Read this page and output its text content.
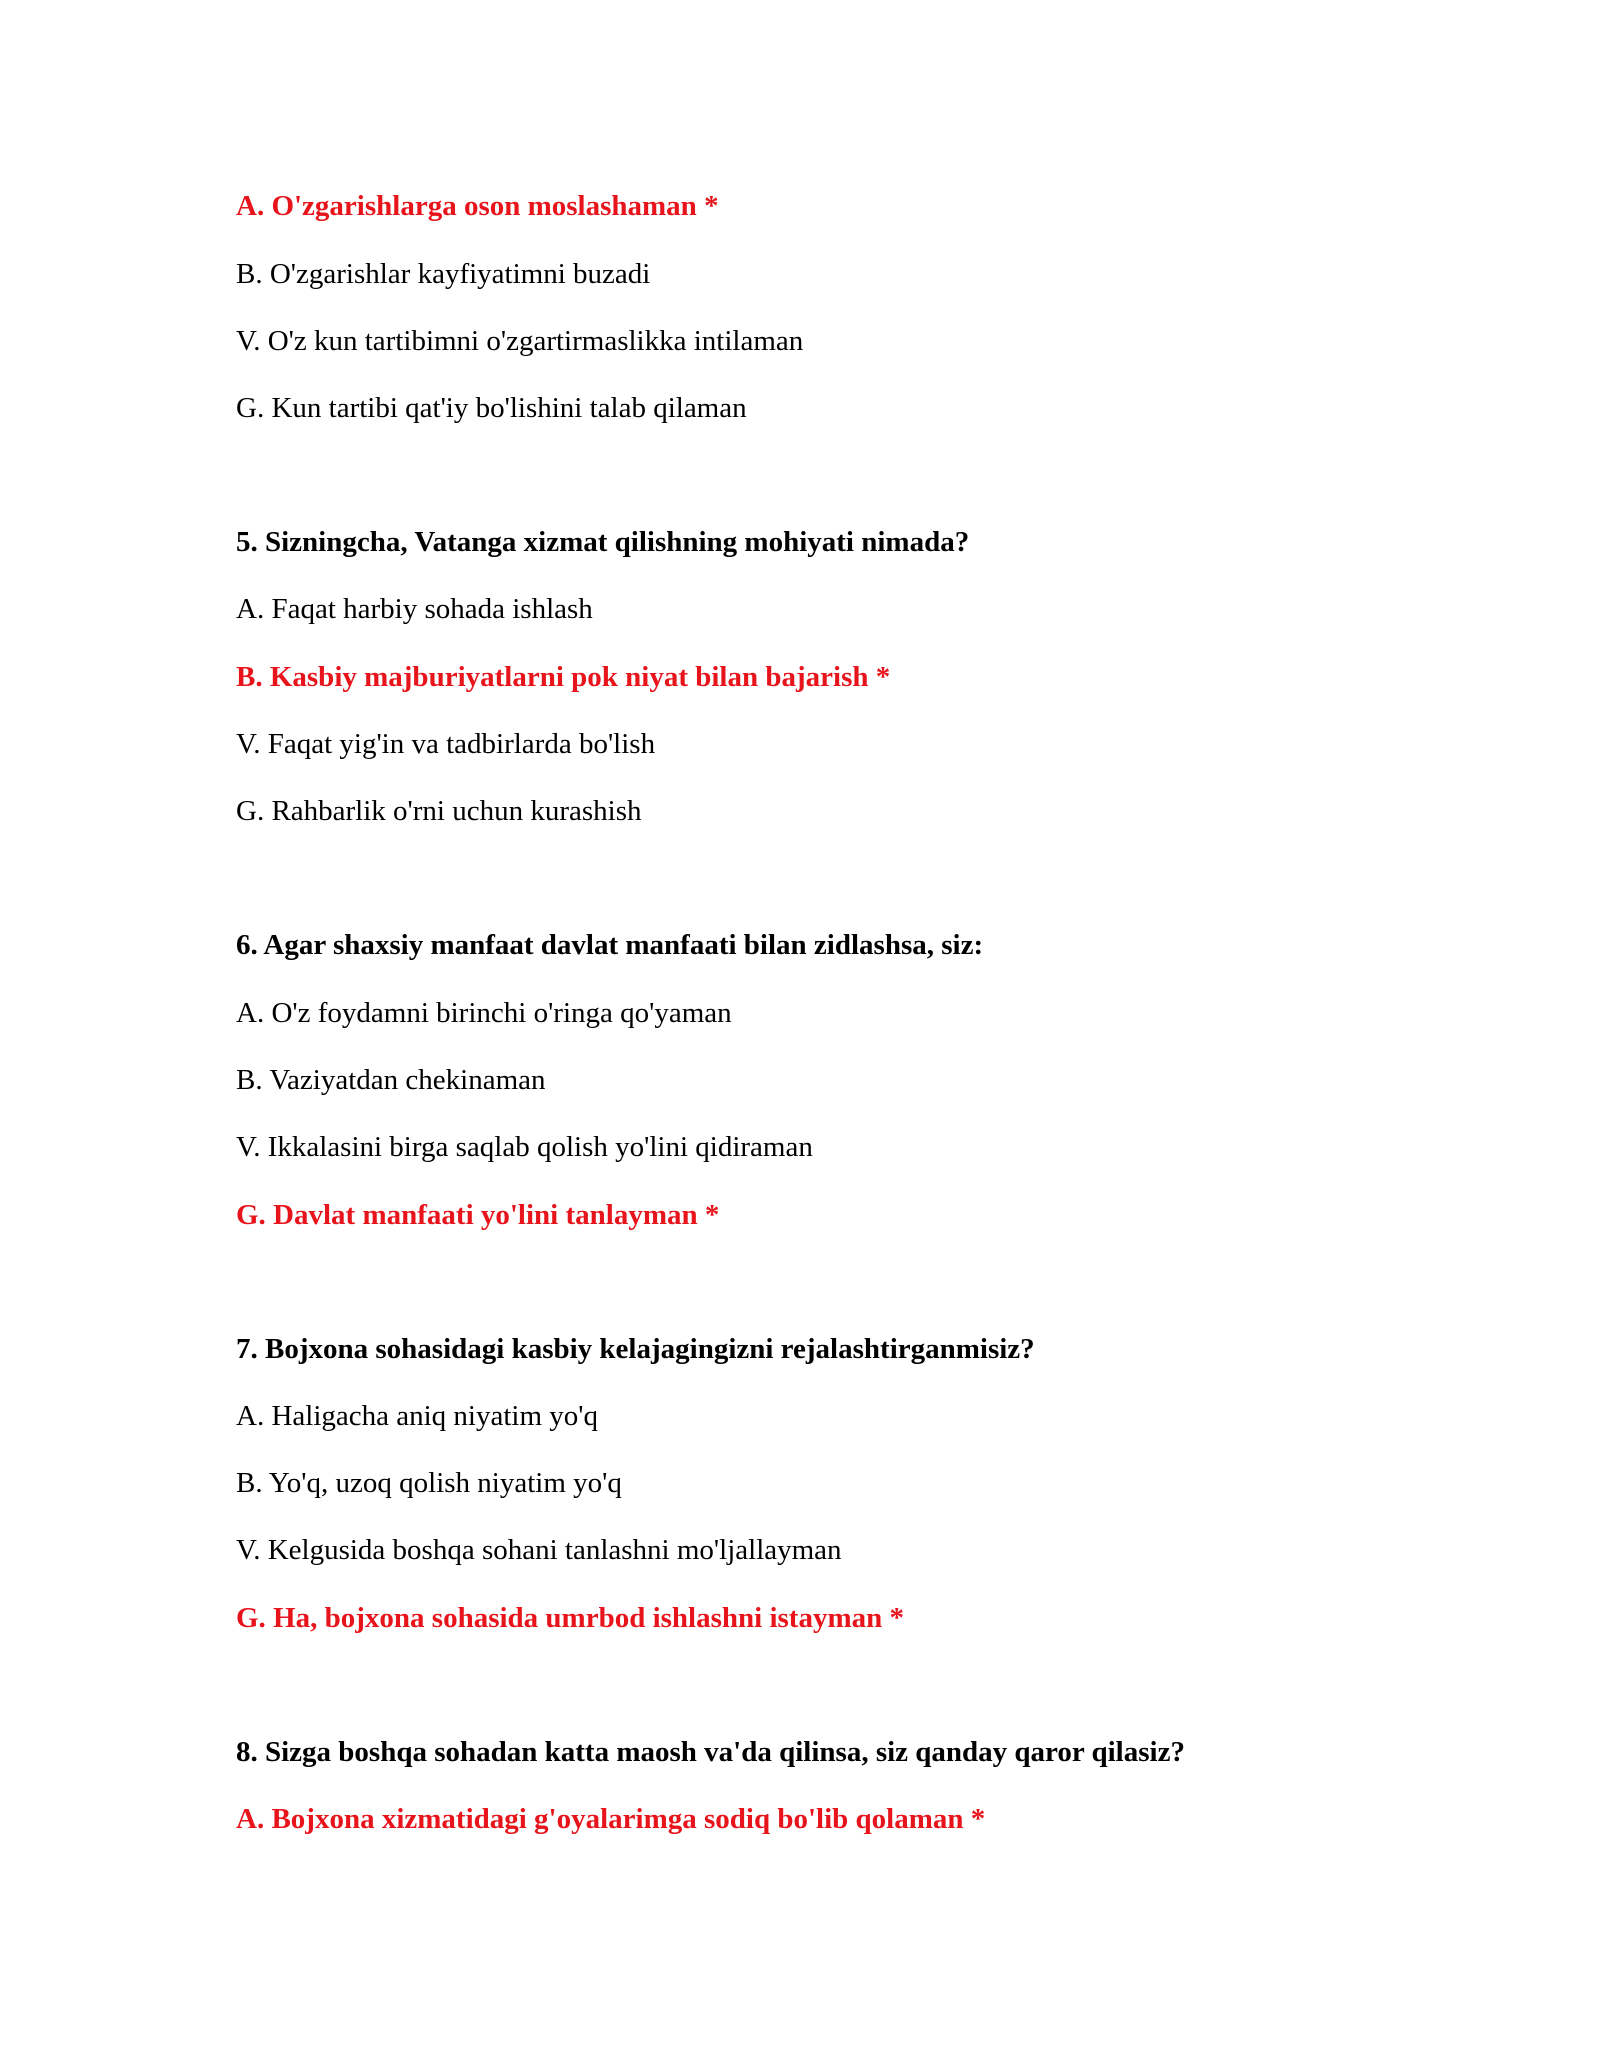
A. O'zgarishlarga oson moslashaman *
B. O'zgarishlar kayfiyatimni buzadi
V. O'z kun tartibimni o'zgartirmaslikka intilaman
G. Kun tartibi qat'iy bo'lishini talab qilaman
5. Sizningcha, Vatanga xizmat qilishning mohiyati nimada?
A. Faqat harbiy sohada ishlash
B. Kasbiy majburiyatlarni pok niyat bilan bajarish *
V. Faqat yig'in va tadbirlarda bo'lish
G. Rahbarlik o'rni uchun kurashish
6. Agar shaxsiy manfaat davlat manfaati bilan zidlashsa, siz:
A. O'z foydamni birinchi o'ringa qo'yaman
B. Vaziyatdan chekinaman
V. Ikkalasini birga saqlab qolish yo'lini qidiraman
G. Davlat manfaati yo'lini tanlayman *
7. Bojxona sohasidagi kasbiy kelajagingizni rejalashtirganmisiz?
A. Haligacha aniq niyatim yo'q
B. Yo'q, uzoq qolish niyatim yo'q
V. Kelgusida boshqa sohani tanlashni mo'ljallayman
G. Ha, bojxona sohasida umrbod ishlashni istayman *
8. Sizga boshqa sohadan katta maosh va'da qilinsa, siz qanday qaror qilasiz?
A. Bojxona xizmatidagi g'oyalarimga sodiq bo'lib qolaman *
